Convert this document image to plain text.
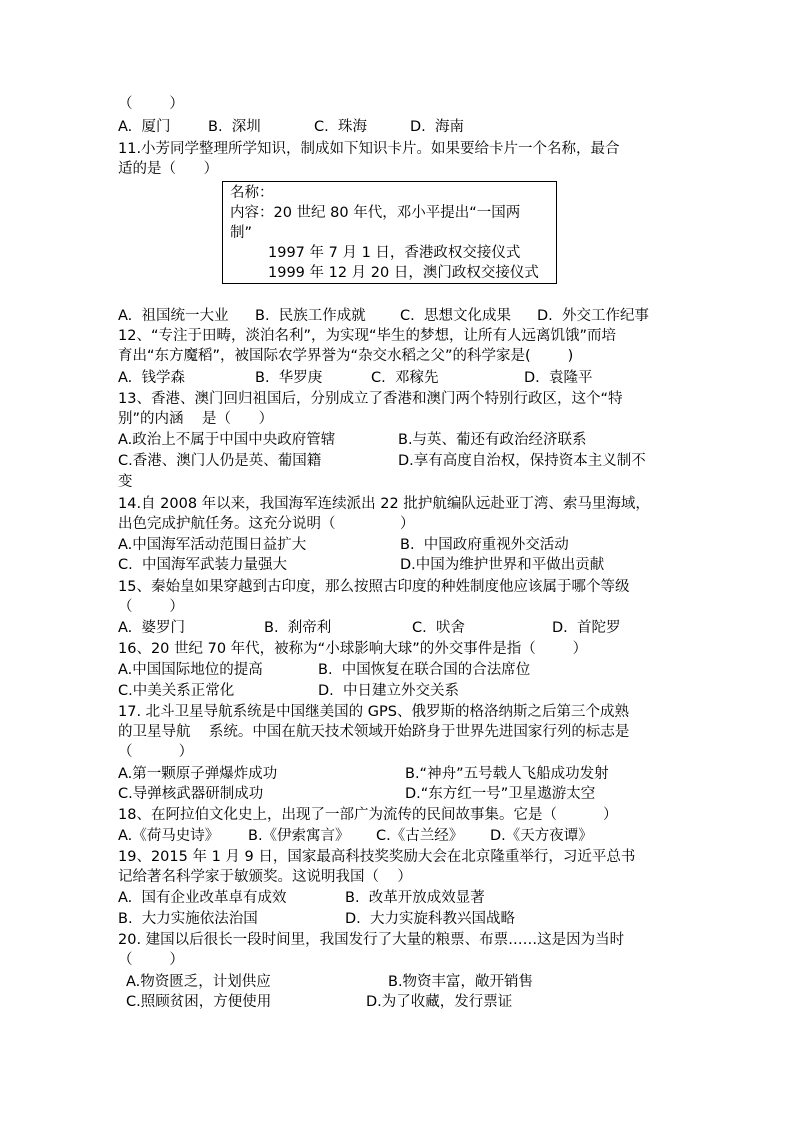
（        ）
A.  厦门	B.  深圳	C.  珠海	D.  海南
11.小芳同学整理所学知识，制成如下知识卡片。如果要给卡片一个名称，最合
适的是（      ）
名称：
内容：20 世纪 80 年代，邓小平提出“一国两
制”
1997 年 7 月 1 日，香港政权交接仪式
1999 年 12 月 20 日，澳门政权交接仪式
A.  祖国统一大业 B.  民族工作成就 C.  思想文化成果 D.  外交工作纪事
12、“专注于田畴，淡泊名利”，为实现“毕生的梦想，让所有人远离饥饿”而培
育出“东方魔稻”，被国际农学界誉为“杂交水稻之父”的科学家是(        )
A.  钱学森	B.  华罗庚	C.  邓稼先	D.  袁隆平
13、香港、澳门回归祖国后，分别成立了香港和澳门两个特别行政区，这个“特
别”的内涵    是（      ）
A.政治上不属于中国中央政府管辖	B.与英、葡还有政治经济联系
C.香港、澳门人仍是英、葡国籍	D.享有高度自治权，保持资本主义制不
变
14.自 2008 年以来，我国海军连续派出 22 批护航编队远赴亚丁湾、索马里海域，
出色完成护航任务。这充分说明（              ）
A.中国海军活动范围日益扩大	B.  中国政府重视外交活动
C.  中国海军武装力量强大	D.中国为维护世界和平做出贡献
15、秦始皇如果穿越到古印度，那么按照古印度的种姓制度他应该属于哪个等级
（        ）
A.  婆罗门	B.  刹帝利	C.  吠舍	D.  首陀罗
16、20 世纪 70 年代，被称为“小球影响大球”的外交事件是指（        ）
A.中国国际地位的提高	B.  中国恢复在联合国的合法席位
C.中美关系正常化	D.  中日建立外交关系
17. 北斗卫星导航系统是中国继美国的 GPS、俄罗斯的格洛纳斯之后第三个成熟
的卫星导航    系统。中国在航天技术领域开始跻身于世界先进国家行列的标志是
（          ）
A.第一颗原子弹爆炸成功	B.“神舟”五号载人飞船成功发射
C.导弹核武器研制成功	D.“东方红一号”卫星遨游太空
18、在阿拉伯文化史上，出现了一部广为流传的民间故事集。它是（          ）
A.《荷马史诗》 B.《伊索寓言》 C.《古兰经》 D.《天方夜谭》
19、2015 年 1 月 9 日，国家最高科技奖奖励大会在北京隆重举行，习近平总书
记给著名科学家于敏颁奖。这说明我国（    ）
A.  国有企业改革卓有成效	B.  改革开放成效显著
B.  大力实施依法治国	D.  大力实旋科教兴国战略
20. 建国以后很长一段时间里，我国发行了大量的粮票、布票……这是因为当时
（        ）
A.物资匮乏，计划供应	B.物资丰富，敞开销售
C.照顾贫困，方便使用	D.为了收藏，发行票证
